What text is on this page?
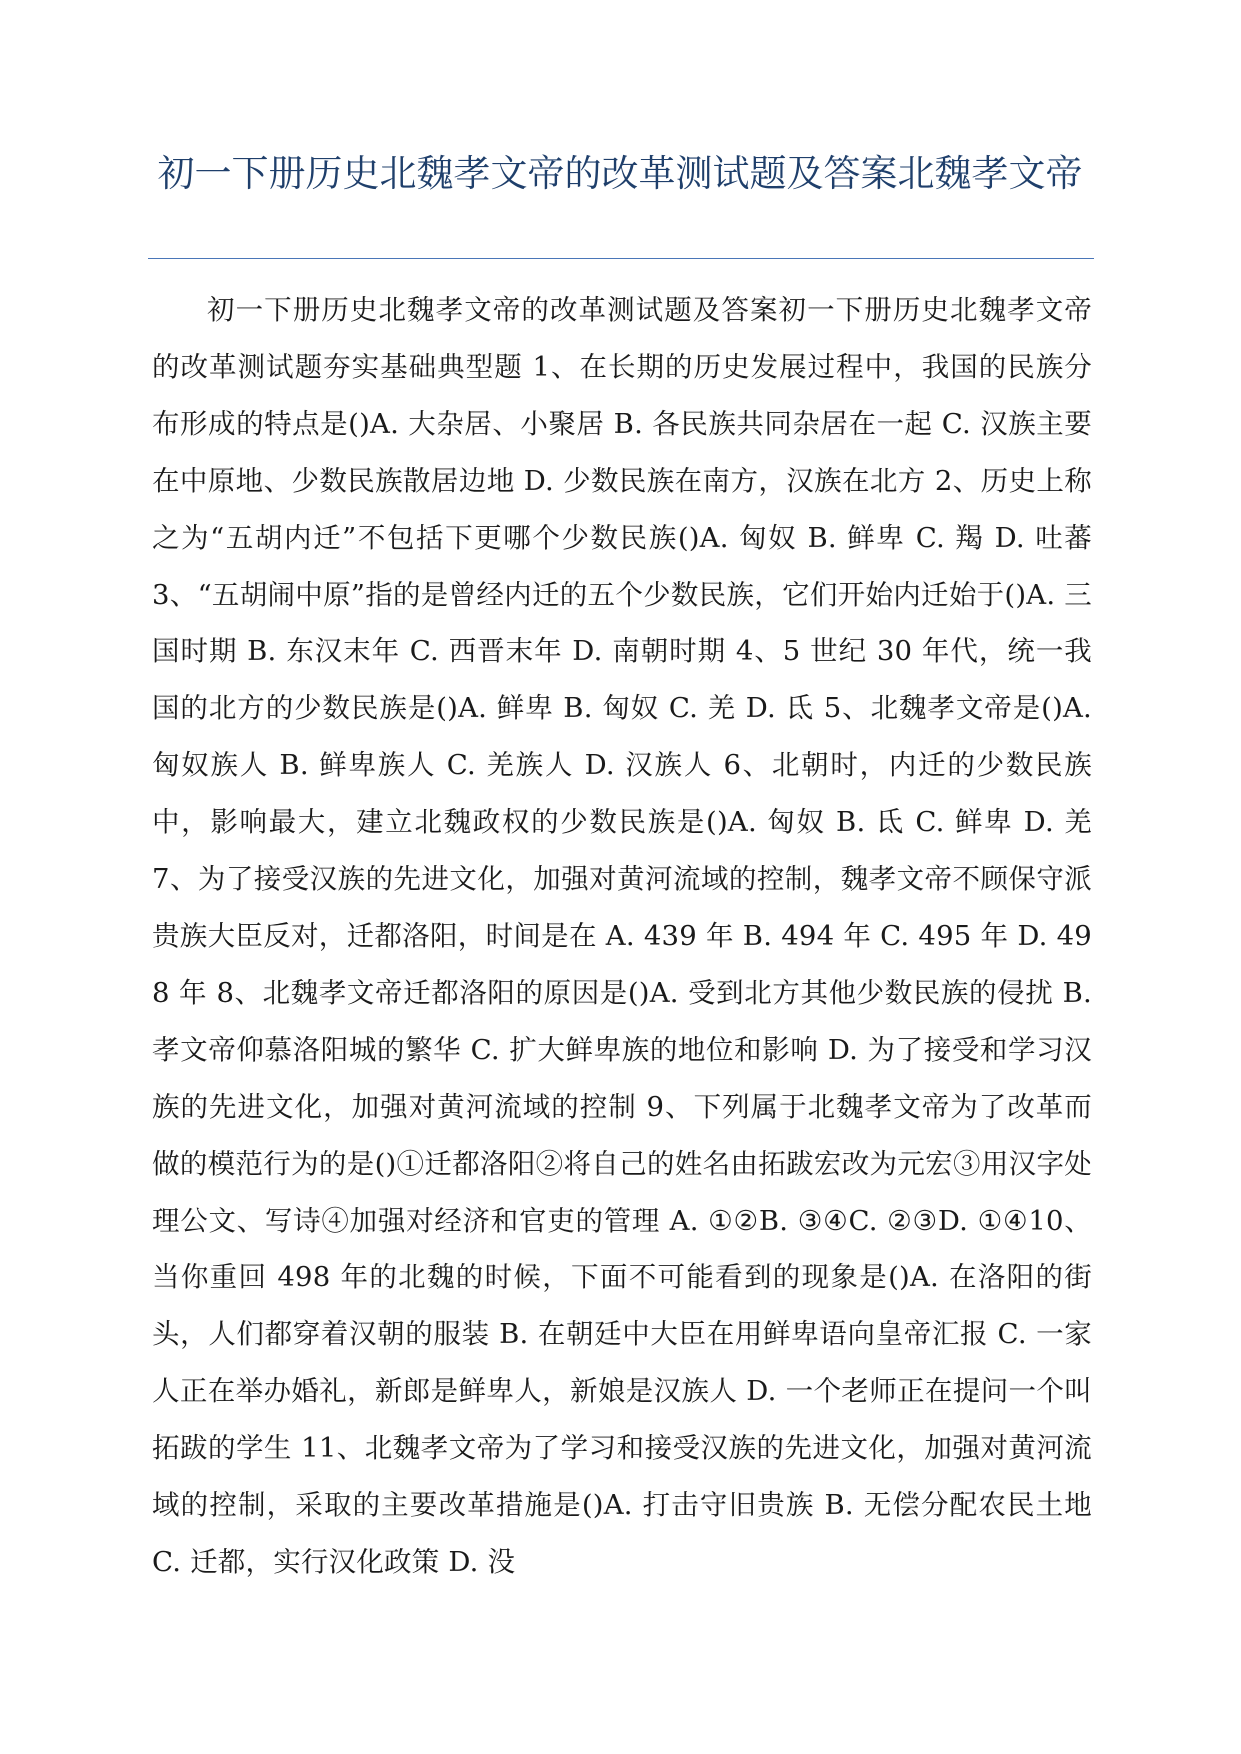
初一下册历史北魏孝文帝的改革测试题及答案北魏孝文帝

初一下册历史北魏孝文帝的改革测试题及答案初一下册历史北魏孝文帝的改革测试题夯实基础典型题 1、在长期的历史发展过程中，我国的民族分布形成的特点是()A. 大杂居、小聚居 B. 各民族共同杂居在一起 C. 汉族主要在中原地、少数民族散居边地 D. 少数民族在南方，汉族在北方 2、历史上称之为“五胡内迁”不包括下更哪个少数民族()A. 匈奴 B. 鲜卑 C. 羯 D. 吐蕃 3、“五胡闹中原”指的是曾经内迁的五个少数民族，它们开始内迁始于()A. 三国时期 B. 东汉末年 C. 西晋末年 D. 南朝时期 4、5 世纪 30 年代，统一我国的北方的少数民族是()A. 鲜卑 B. 匈奴 C. 羌 D. 氐 5、北魏孝文帝是()A. 匈奴族人 B. 鲜卑族人 C. 羌族人 D. 汉族人 6、北朝时，内迁的少数民族中，影响最大，建立北魏政权的少数民族是()A. 匈奴 B. 氐 C. 鲜卑 D. 羌 7、为了接受汉族的先进文化，加强对黄河流域的控制，魏孝文帝不顾保守派贵族大臣反对，迁都洛阳，时间是在 A. 439 年 B. 494 年 C. 495 年 D. 498 年 8、北魏孝文帝迁都洛阳的原因是()A. 受到北方其他少数民族的侵扰 B. 孝文帝仰慕洛阳城的繁华 C. 扩大鲜卑族的地位和影响 D. 为了接受和学习汉族的先进文化，加强对黄河流域的控制 9、下列属于北魏孝文帝为了改革而做的模范行为的是()①迁都洛阳②将自己的姓名由拓跋宏改为元宏③用汉字处理公文、写诗④加强对经济和官吏的管理 A. ①②B. ③④C. ②③D. ①④10、当你重回 498 年的北魏的时候，下面不可能看到的现象是()A. 在洛阳的街头，人们都穿着汉朝的服装 B. 在朝廷中大臣在用鲜卑语向皇帝汇报 C. 一家人正在举办婚礼，新郎是鲜卑人，新娘是汉族人 D. 一个老师正在提问一个叫拓跋的学生 11、北魏孝文帝为了学习和接受汉族的先进文化，加强对黄河流域的控制，采取的主要改革措施是()A. 打击守旧贵族 B. 无偿分配农民土地 C. 迁都，实行汉化政策 D. 没
